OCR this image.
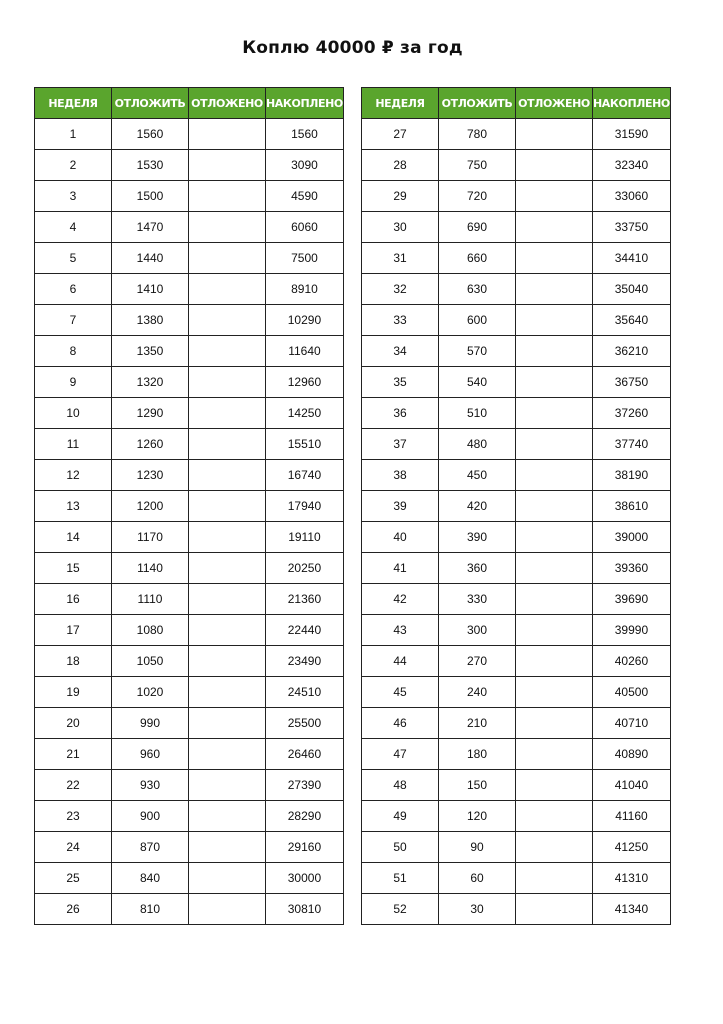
Коплю 40000 ₽ за год
НЕДЕЛЯ	ОТЛОЖИТЬ	ОТЛОЖЕНО	НАКОПЛЕНО
1	1560		1560
2	1530		3090
3	1500		4590
4	1470		6060
5	1440		7500
6	1410		8910
7	1380		10290
8	1350		11640
9	1320		12960
10	1290		14250
11	1260		15510
12	1230		16740
13	1200		17940
14	1170		19110
15	1140		20250
16	1110		21360
17	1080		22440
18	1050		23490
19	1020		24510
20	990		25500
21	960		26460
22	930		27390
23	900		28290
24	870		29160
25	840		30000
26	810		30810
НЕДЕЛЯ	ОТЛОЖИТЬ	ОТЛОЖЕНО	НАКОПЛЕНО
27	780		31590
28	750		32340
29	720		33060
30	690		33750
31	660		34410
32	630		35040
33	600		35640
34	570		36210
35	540		36750
36	510		37260
37	480		37740
38	450		38190
39	420		38610
40	390		39000
41	360		39360
42	330		39690
43	300		39990
44	270		40260
45	240		40500
46	210		40710
47	180		40890
48	150		41040
49	120		41160
50	90		41250
51	60		41310
52	30		41340
